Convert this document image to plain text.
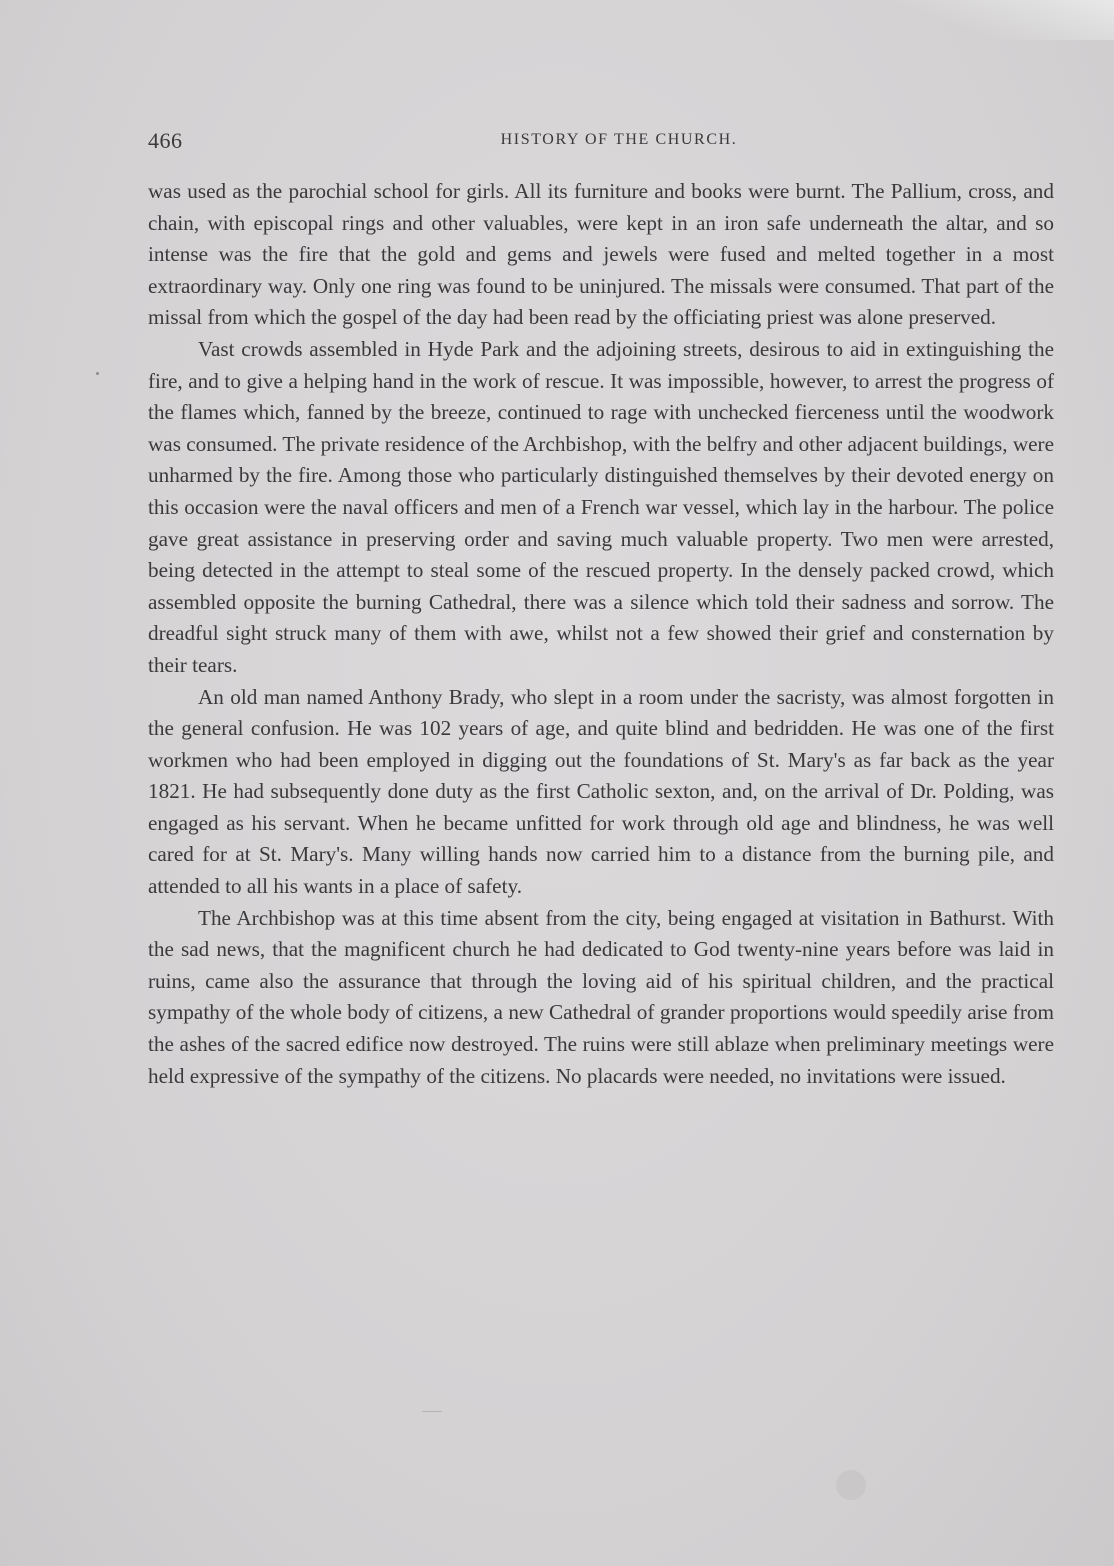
466	HISTORY OF THE CHURCH.

was used as the parochial school for girls. All its furniture and books were burnt. The Pallium, cross, and chain, with episcopal rings and other valuables, were kept in an iron safe underneath the altar, and so intense was the fire that the gold and gems and jewels were fused and melted together in a most extraordinary way. Only one ring was found to be uninjured. The missals were consumed. That part of the missal from which the gospel of the day had been read by the officiating priest was alone preserved.

Vast crowds assembled in Hyde Park and the adjoining streets, desirous to aid in extinguishing the fire, and to give a helping hand in the work of rescue. It was impossible, however, to arrest the progress of the flames which, fanned by the breeze, continued to rage with unchecked fierceness until the woodwork was consumed. The private residence of the Archbishop, with the belfry and other adjacent buildings, were unharmed by the fire. Among those who particularly distinguished themselves by their devoted energy on this occasion were the naval officers and men of a French war vessel, which lay in the harbour. The police gave great assistance in preserving order and saving much valuable property. Two men were arrested, being detected in the attempt to steal some of the rescued property. In the densely packed crowd, which assembled opposite the burning Cathedral, there was a silence which told their sadness and sorrow. The dreadful sight struck many of them with awe, whilst not a few showed their grief and consternation by their tears.

An old man named Anthony Brady, who slept in a room under the sacristy, was almost forgotten in the general confusion. He was 102 years of age, and quite blind and bedridden. He was one of the first workmen who had been employed in digging out the foundations of St. Mary's as far back as the year 1821. He had subsequently done duty as the first Catholic sexton, and, on the arrival of Dr. Polding, was engaged as his servant. When he became unfitted for work through old age and blindness, he was well cared for at St. Mary's. Many willing hands now carried him to a distance from the burning pile, and attended to all his wants in a place of safety.

The Archbishop was at this time absent from the city, being engaged at visitation in Bathurst. With the sad news, that the magnificent church he had dedicated to God twenty-nine years before was laid in ruins, came also the assurance that through the loving aid of his spiritual children, and the practical sympathy of the whole body of citizens, a new Cathedral of grander proportions would speedily arise from the ashes of the sacred edifice now destroyed. The ruins were still ablaze when preliminary meetings were held expressive of the sympathy of the citizens. No placards were needed, no invitations were issued.
